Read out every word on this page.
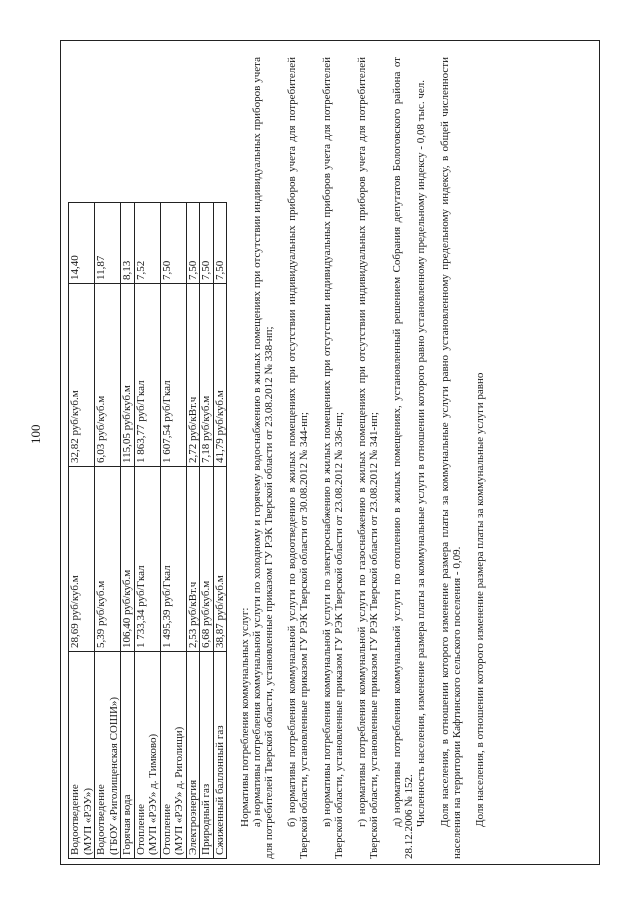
100
Водоотведение (МУП «РЭУ»)	28,69 руб/куб.м	32,82 руб/куб.м	14,40

Водоотведение (ГБОУ «Риголищенская СОШИ»)	5,39 руб/куб.м	6,03 руб/куб.м	11,87

Горячая вода	106,40 руб/куб.м	115,05 руб/куб.м	8,13

Отопление (МУП «РЭУ» д. Тимково)	1 733,34 руб/Гкал	1 863,77 руб/Гкал	7,52

Отопление (МУП «РЭУ» д. Риголищи)	1 495,39 руб/Гкал	1 607,54 руб/Гкал	7,50

Электроэнергия	2,53 руб/кВт.ч	2,72 руб/кВт.ч	7,50

Природный газ	6,68 руб/куб.м	7,18 руб/куб.м	7,50

Сжиженный баллонный газ	38,87 руб/куб.м	41,79 руб/куб.м	7,50

Нормативы потребления коммунальных услуг: а) нормативы потребления коммунальной услуги по холодному и горячему водоснабжению в жилых помещениях при отсутствии индивидуальных приборов учета для потребителей Тверской области, установленные приказом ГУ РЭК Тверской области от 23.08.2012 № 338-нп; б) нормативы потребления коммунальной услуги по водоотведению в жилых помещениях при отсутствии индивидуальных приборов учета для потребителей Тверской области, установленные приказом ГУ РЭК Тверской области от 30.08.2012 № 344-нп; в) нормативы потребления коммунальной услуги по электроснабжению в жилых помещениях при отсутствии индивидуальных приборов учета для потребителей Тверской области, установленные приказом ГУ РЭК Тверской области от 23.08.2012 № 336-нп; г) нормативы потребления коммунальной услуги по газоснабжению в жилых помещениях при отсутствии индивидуальных приборов учета для потребителей Тверской области, установленные приказом ГУ РЭК Тверской области от 23.08.2012 № 341-нп; д) нормативы потребления коммунальной услуги по отоплению в жилых помещениях, установленный решением Собрания депутатов Бологовского района от 28.12.2006 № 152. Численность населения, изменение размера платы за коммунальные услуги в отношении которого равно установленному предельному индексу - 0,08 тыс. чел. Доля населения, в отношении которого изменение размера платы за коммунальные услуги равно установленному предельному индексу, в общей численности населения на территории Кафтинского сельского поселения - 0,09. Доля населения, в отношении которого изменение размера платы за коммунальные услуги равно
